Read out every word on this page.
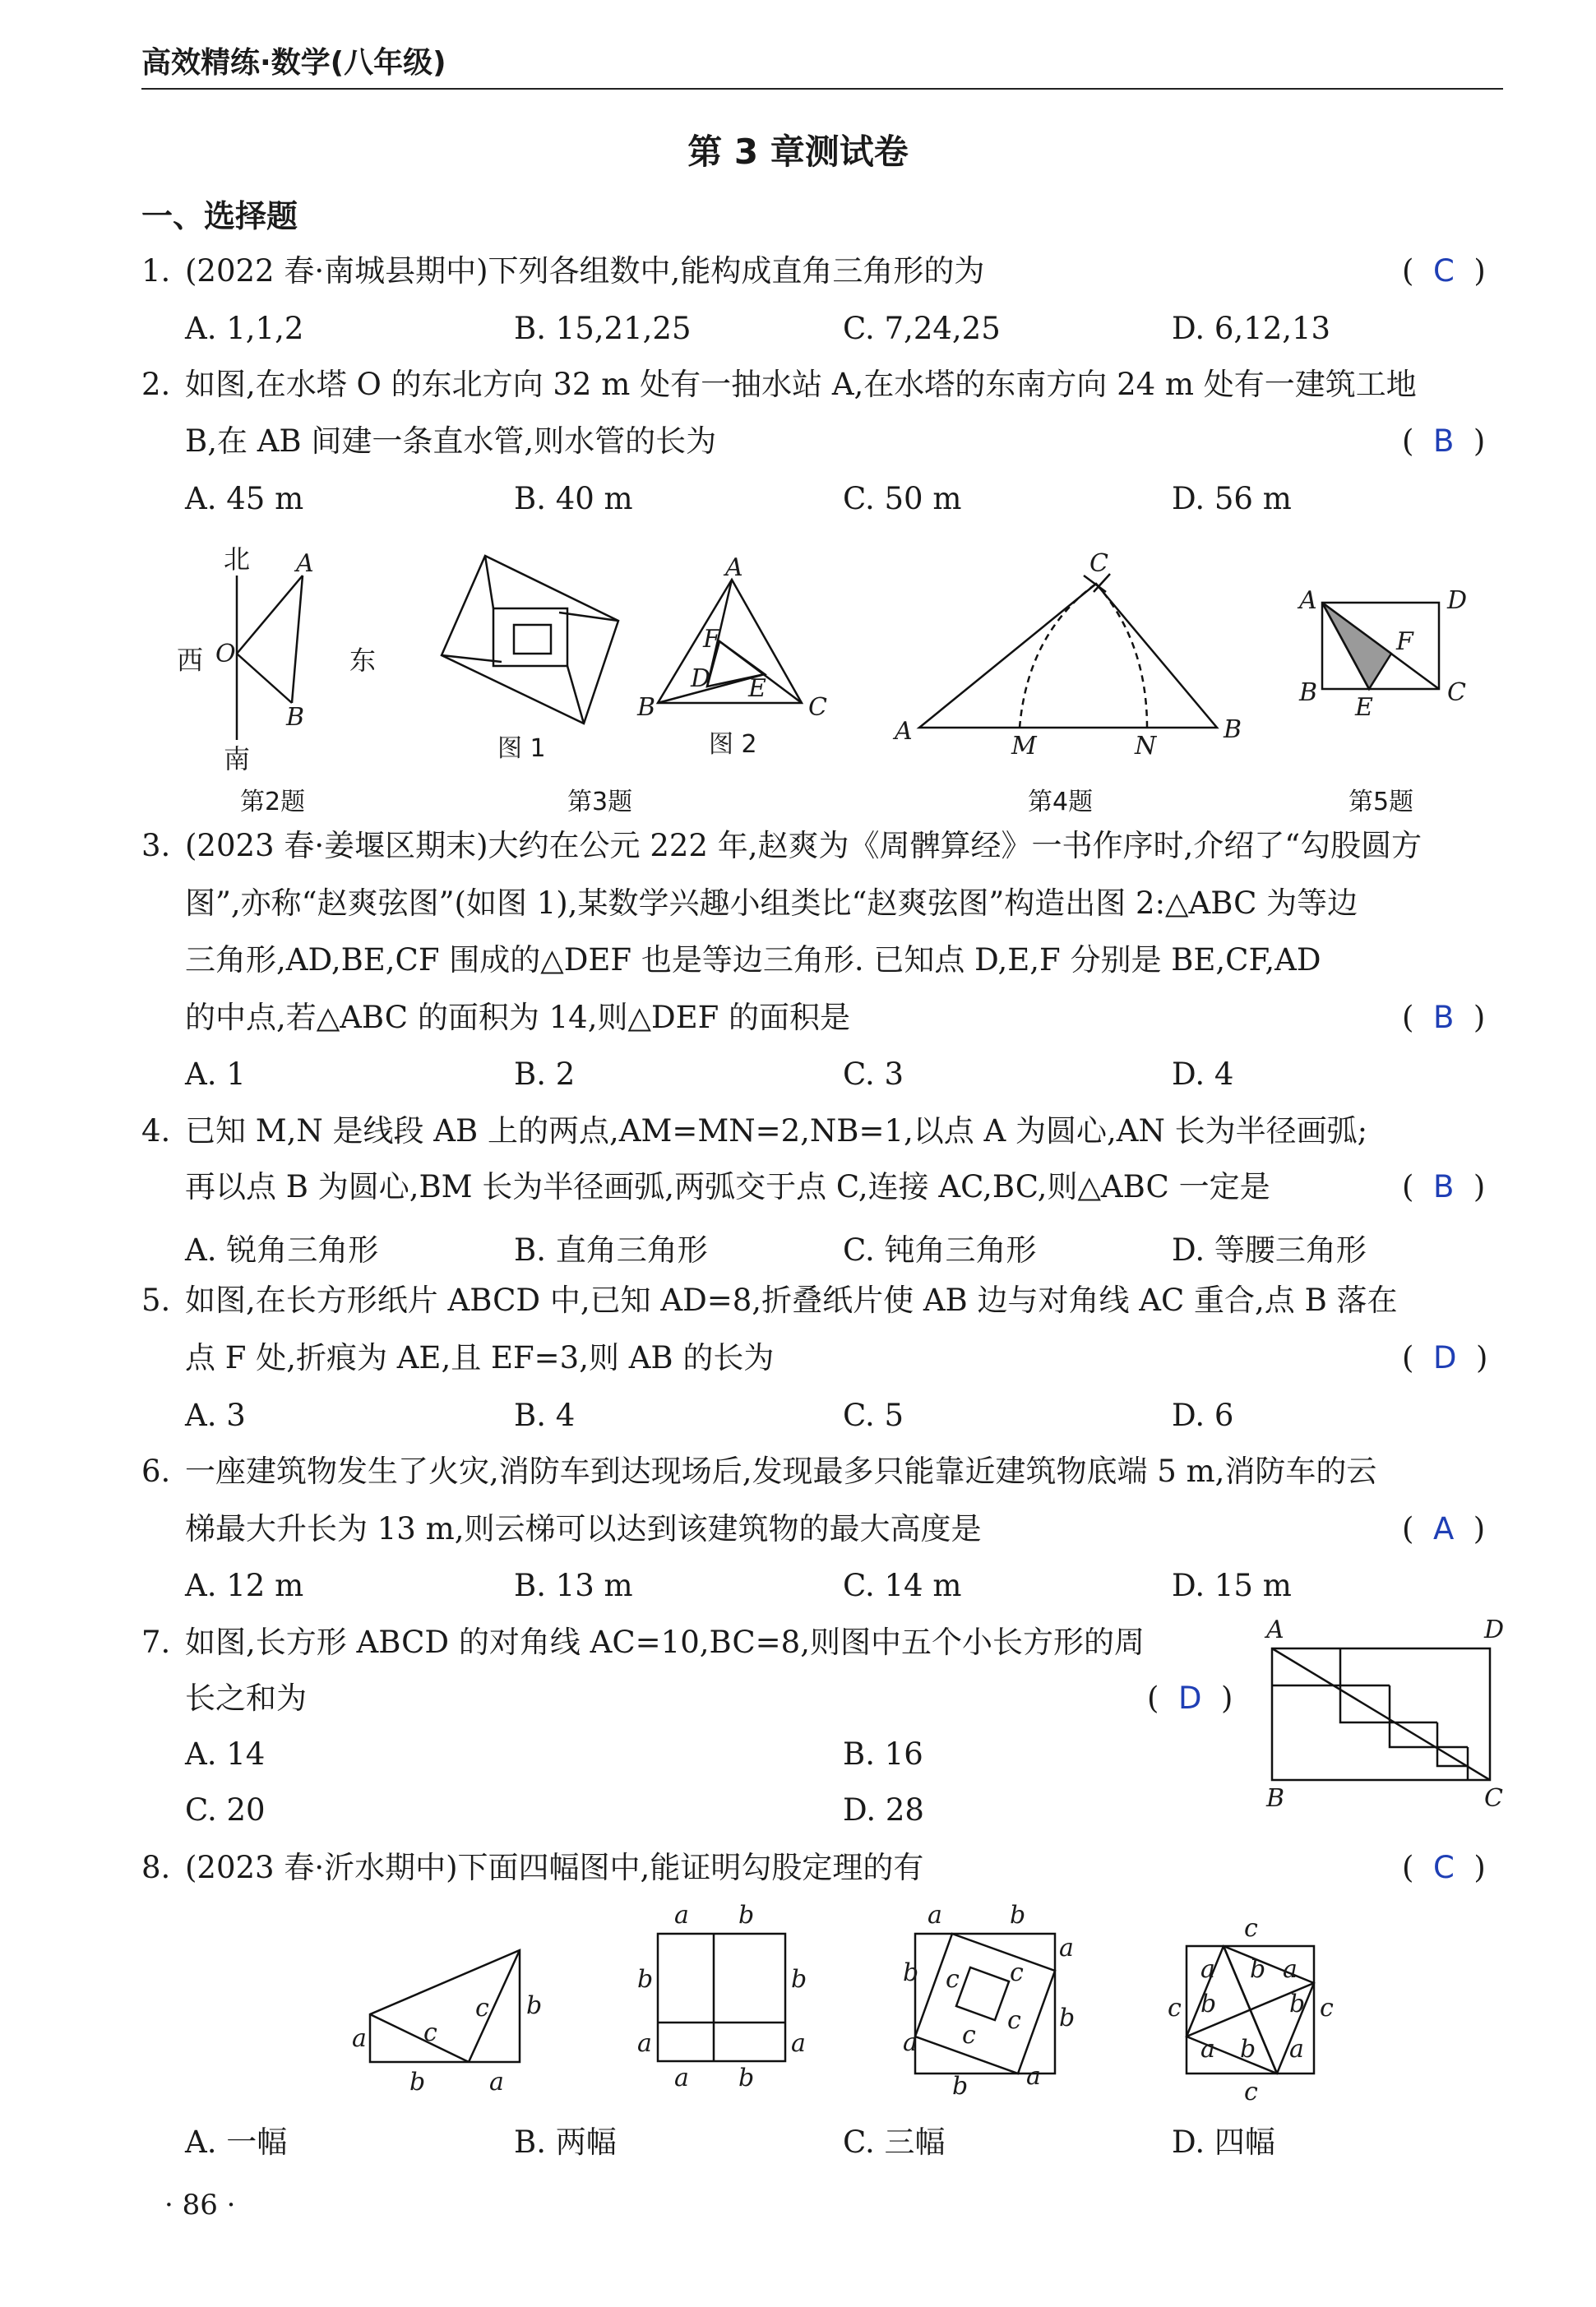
高效精练·数学(八年级)
第 3 章测试卷
一、选择题
1. (2022 春·南城县期中)下列各组数中,能构成直角三角形的为	(  C  )
A. 1,1,2	B. 15,21,25	C. 7,24,25	D. 6,12,13
2. 如图,在水塔 O 的东北方向 32 m 处有一抽水站 A,在水塔的东南方向 24 m 处有一建筑工地
B,在 AB 间建一条直水管,则水管的长为	(  B  )
A. 45 m	B. 40 m	C. 50 m	D. 56 m
北
南
西	东
O
A
B
第2题
图 1	图 2
A
B	C
D E
F
第3题
C
A	B
M	N
第4题
A	D
B	C
E
F
第5题
3. (2023 春·姜堰区期末)大约在公元 222 年,赵爽为《周髀算经》一书作序时,介绍了“勾股圆方
图”,亦称“赵爽弦图”(如图 1),某数学兴趣小组类比“赵爽弦图”构造出图 2:△ABC 为等边
三角形,AD,BE,CF 围成的△DEF 也是等边三角形. 已知点 D,E,F 分别是 BE,CF,AD
的中点,若△ABC 的面积为 14,则△DEF 的面积是	(  B  )
A. 1	B. 2	C. 3	D. 4
4. 已知 M,N 是线段 AB 上的两点,AM=MN=2,NB=1,以点 A 为圆心,AN 长为半径画弧;
再以点 B 为圆心,BM 长为半径画弧,两弧交于点 C,连接 AC,BC,则△ABC 一定是	(  B  )
A. 锐角三角形	B. 直角三角形	C. 钝角三角形	D. 等腰三角形
5. 如图,在长方形纸片 ABCD 中,已知 AD=8,折叠纸片使 AB 边与对角线 AC 重合,点 B 落在
点 F 处,折痕为 AE,且 EF=3,则 AB 的长为	(  D  )
A. 3	B. 4	C. 5	D. 6
6. 一座建筑物发生了火灾,消防车到达现场后,发现最多只能靠近建筑物底端 5 m,消防车的云
梯最大升长为 13 m,则云梯可以达到该建筑物的最大高度是	(  A  )
A. 12 m	B. 13 m	C. 14 m	D. 15 m
7. 如图,长方形 ABCD 的对角线 AC=10,BC=8,则图中五个小长方形的周
长之和为	(  D  )
A. 14	B. 16
C. 20	D. 28
A	D
B	C
8. (2023 春·沂水期中)下面四幅图中,能证明勾股定理的有	(  C  )
A. 一幅	B. 两幅	C. 三幅	D. 四幅
a
b	a
b
c
c
a b
b	b
a	a
a b
a	b
a
b
b
a
b a
c c
c
c
c
c
c	c
a b a
b	b
a b a
· 86 ·
